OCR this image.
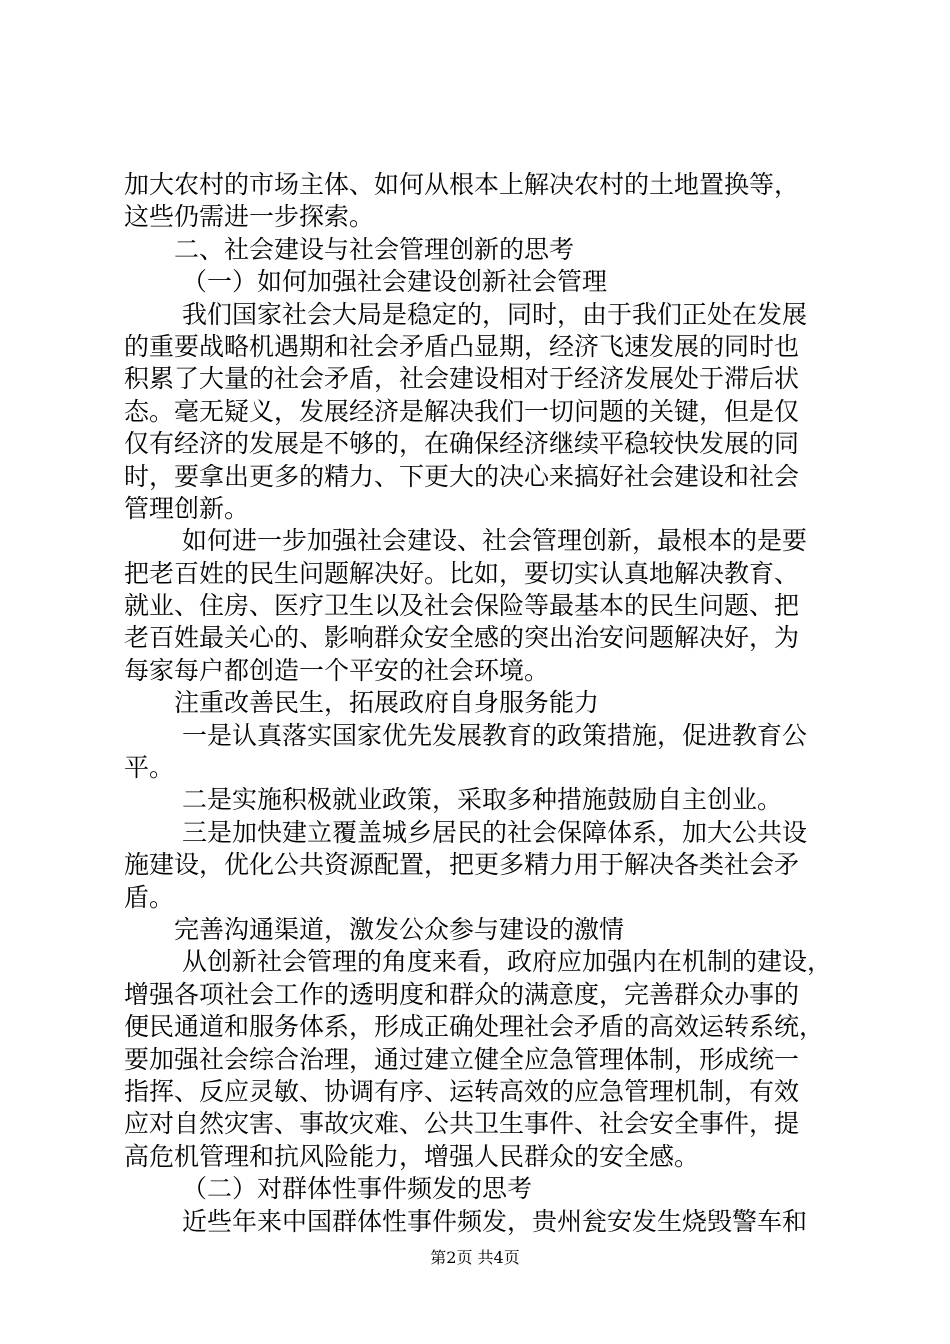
加大农村的市场主体、如何从根本上解决农村的土地置换等，
这些仍需进一步探索。
二、社会建设与社会管理创新的思考
（一）如何加强社会建设创新社会管理
我们国家社会大局是稳定的，同时，由于我们正处在发展
的重要战略机遇期和社会矛盾凸显期，经济飞速发展的同时也
积累了大量的社会矛盾，社会建设相对于经济发展处于滞后状
态。毫无疑义，发展经济是解决我们一切问题的关键，但是仅
仅有经济的发展是不够的，在确保经济继续平稳较快发展的同
时，要拿出更多的精力、下更大的决心来搞好社会建设和社会
管理创新。
如何进一步加强社会建设、社会管理创新，最根本的是要
把老百姓的民生问题解决好。比如，要切实认真地解决教育、
就业、住房、医疗卫生以及社会保险等最基本的民生问题、把
老百姓最关心的、影响群众安全感的突出治安问题解决好，为
每家每户都创造一个平安的社会环境。
注重改善民生，拓展政府自身服务能力
一是认真落实国家优先发展教育的政策措施，促进教育公
平。
二是实施积极就业政策，采取多种措施鼓励自主创业。
三是加快建立覆盖城乡居民的社会保障体系，加大公共设
施建设，优化公共资源配置，把更多精力用于解决各类社会矛
盾。
完善沟通渠道，激发公众参与建设的激情
从创新社会管理的角度来看，政府应加强内在机制的建设，
增强各项社会工作的透明度和群众的满意度，完善群众办事的
便民通道和服务体系，形成正确处理社会矛盾的高效运转系统，
要加强社会综合治理，通过建立健全应急管理体制，形成统一
指挥、反应灵敏、协调有序、运转高效的应急管理机制，有效
应对自然灾害、事故灾难、公共卫生事件、社会安全事件，提
高危机管理和抗风险能力，增强人民群众的安全感。
（二）对群体性事件频发的思考
近些年来中国群体性事件频发，贵州瓮安发生烧毁警车和
第2页 共4页
